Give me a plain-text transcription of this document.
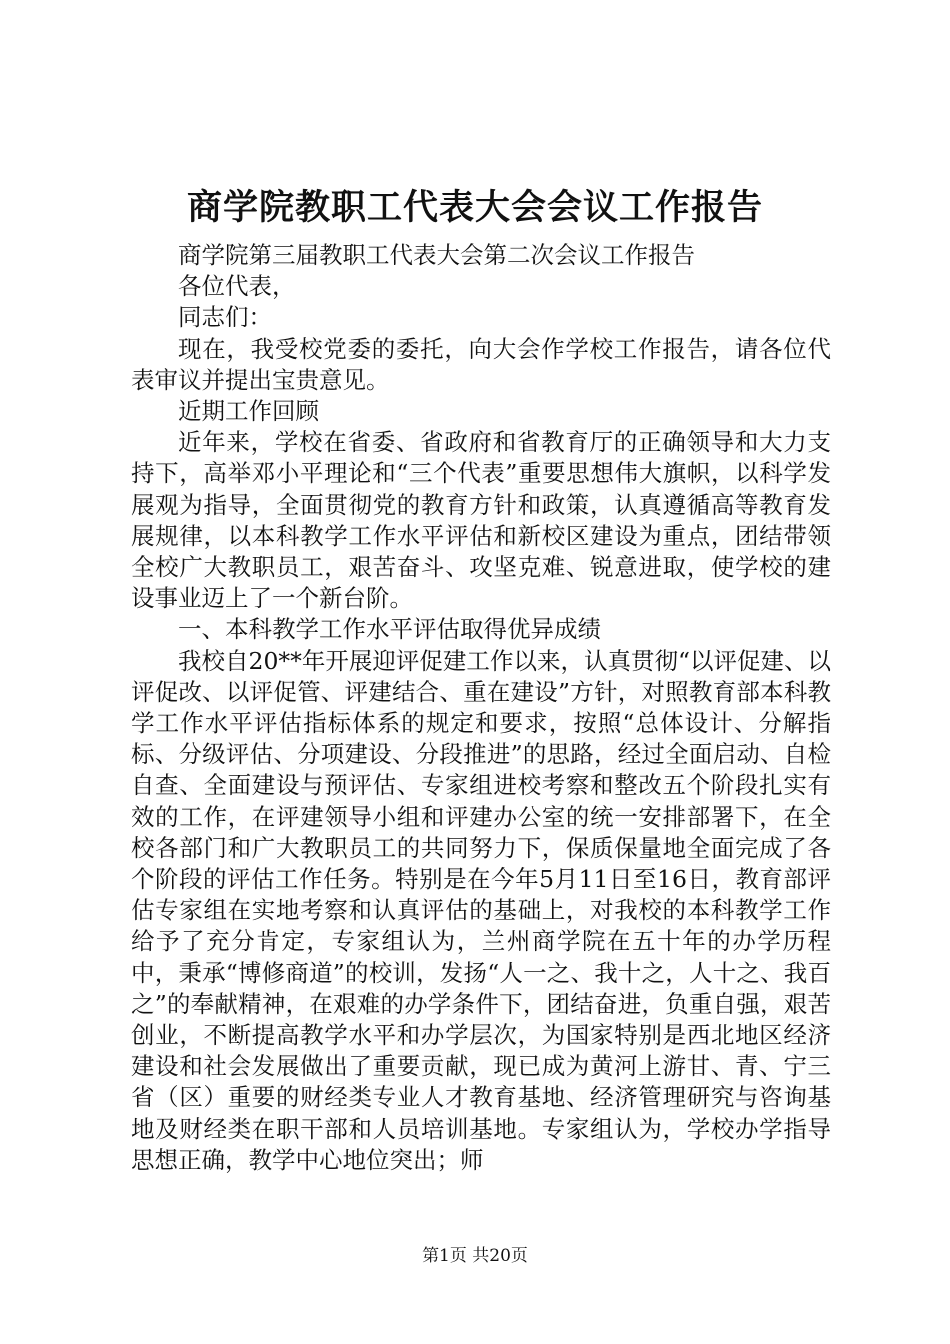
商学院教职工代表大会会议工作报告

商学院第三届教职工代表大会第二次会议工作报告

各位代表，

同志们：

现在，我受校党委的委托，向大会作学校工作报告，请各位代表审议并提出宝贵意见。

近期工作回顾

近年来，学校在省委、省政府和省教育厅的正确领导和大力支持下，高举邓小平理论和“三个代表”重要思想伟大旗帜，以科学发展观为指导，全面贯彻党的教育方针和政策，认真遵循高等教育发展规律，以本科教学工作水平评估和新校区建设为重点，团结带领全校广大教职员工，艰苦奋斗、攻坚克难、锐意进取，使学校的建设事业迈上了一个新台阶。

一、本科教学工作水平评估取得优异成绩

我校自20**年开展迎评促建工作以来，认真贯彻“以评促建、以评促改、以评促管、评建结合、重在建设”方针，对照教育部本科教学工作水平评估指标体系的规定和要求，按照“总体设计、分解指标、分级评估、分项建设、分段推进”的思路，经过全面启动、自检自查、全面建设与预评估、专家组进校考察和整改五个阶段扎实有效的工作，在评建领导小组和评建办公室的统一安排部署下，在全校各部门和广大教职员工的共同努力下，保质保量地全面完成了各个阶段的评估工作任务。特别是在今年5月11日至16日，教育部评估专家组在实地考察和认真评估的基础上，对我校的本科教学工作给予了充分肯定，专家组认为，兰州商学院在五十年的办学历程中，秉承“博修商道”的校训，发扬“人一之、我十之，人十之、我百之”的奉献精神，在艰难的办学条件下，团结奋进，负重自强，艰苦创业，不断提高教学水平和办学层次，为国家特别是西北地区经济建设和社会发展做出了重要贡献，现已成为黄河上游甘、青、宁三省（区）重要的财经类专业人才教育基地、经济管理研究与咨询基地及财经类在职干部和人员培训基地。专家组认为，学校办学指导思想正确，教学中心地位突出；师

第1页 共20页
